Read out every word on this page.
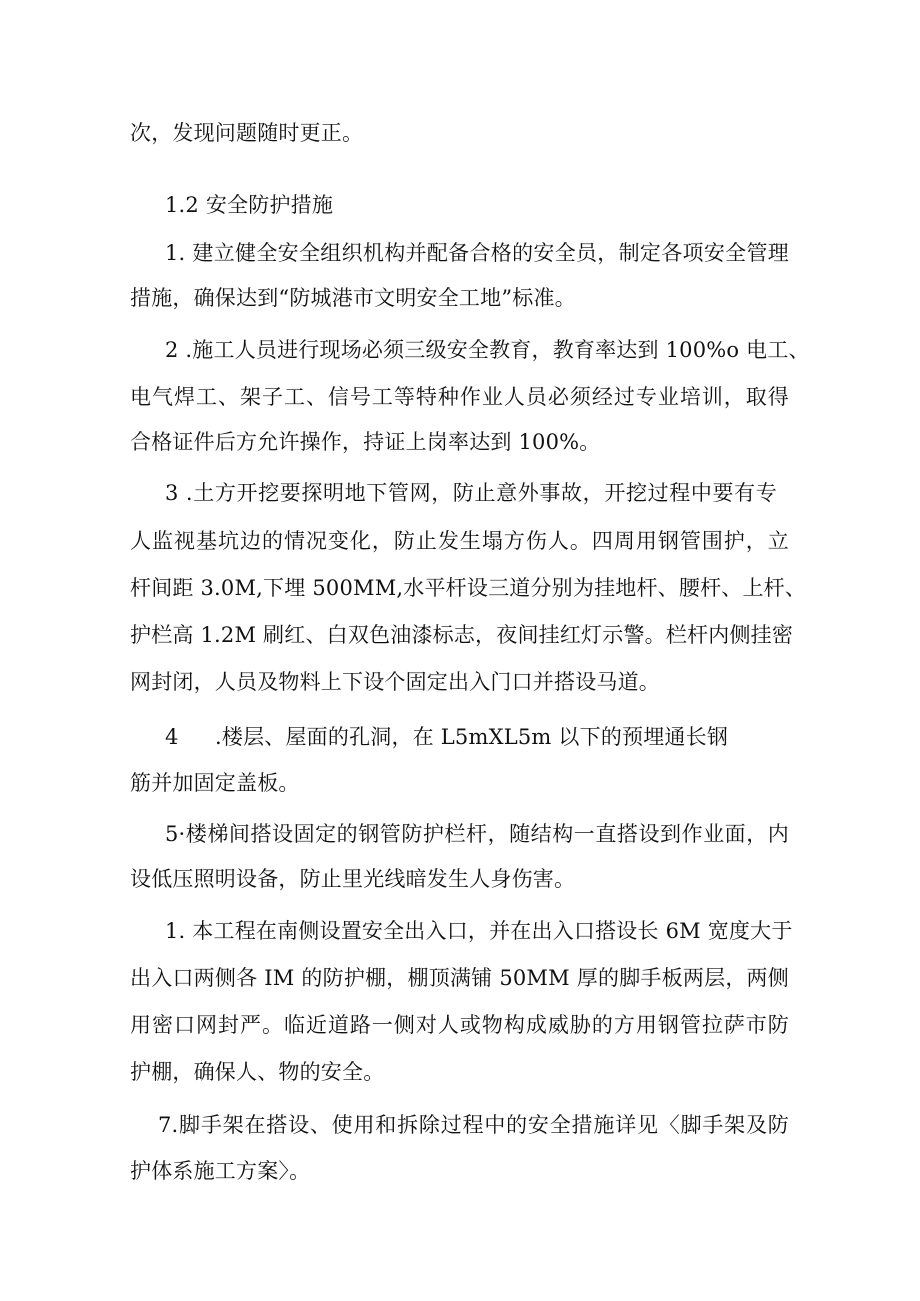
次，发现问题随时更正。
1.2 安全防护措施
1. 建立健全安全组织机构并配备合格的安全员，制定各项安全管理
措施，确保达到“防城港市文明安全工地”标准。
2 .施工人员进行现场必须三级安全教育，教育率达到 100%o 电工、
电气焊工、架子工、信号工等特种作业人员必须经过专业培训，取得
合格证件后方允许操作，持证上岗率达到 100%。
3 .土方开挖要探明地下管网，防止意外事故，开挖过程中要有专
人监视基坑边的情况变化，防止发生塌方伤人。四周用钢管围护，立
杆间距 3.0M,下埋 500MM,水平杆设三道分别为挂地杆、腰杆、上杆、
护栏高 1.2M 刷红、白双色油漆标志，夜间挂红灯示警。栏杆内侧挂密
网封闭，人员及物料上下设个固定出入门口并搭设马道。
4 .楼层、屋面的孔洞，在 L5mXL5m 以下的预埋通长钢
筋并加固定盖板。
5·楼梯间搭设固定的钢管防护栏杆，随结构一直搭设到作业面，内
设低压照明设备，防止里光线暗发生人身伤害。
1. 本工程在南侧设置安全出入口，并在出入口搭设长 6M 宽度大于
出入口两侧各 IM 的防护棚，棚顶满铺 50MM 厚的脚手板两层，两侧
用密口网封严。临近道路一侧对人或物构成威胁的方用钢管拉萨市防
护棚，确保人、物的安全。
7.脚手架在搭设、使用和拆除过程中的安全措施详见〈脚手架及防
护体系施工方案〉。
